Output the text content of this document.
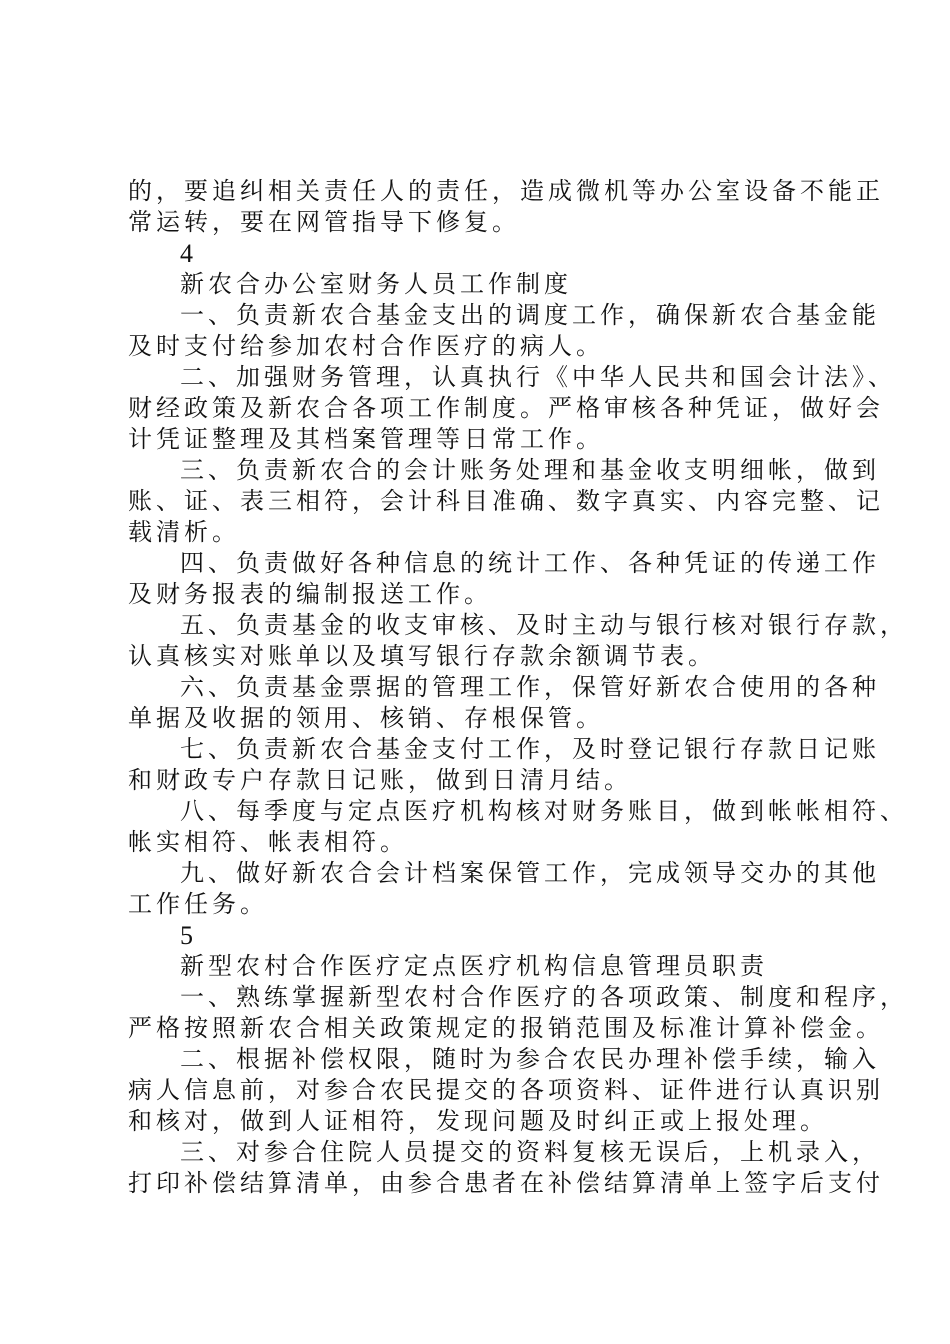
的，要追纠相关责任人的责任，造成微机等办公室设备不能正
常运转，要在网管指导下修复。
4
新农合办公室财务人员工作制度
一、负责新农合基金支出的调度工作，确保新农合基金能
及时支付给参加农村合作医疗的病人。
二、加强财务管理，认真执行《中华人民共和国会计法》、
财经政策及新农合各项工作制度。严格审核各种凭证，做好会
计凭证整理及其档案管理等日常工作。
三、负责新农合的会计账务处理和基金收支明细帐，做到
账、证、表三相符，会计科目准确、数字真实、内容完整、记
载清析。
四、负责做好各种信息的统计工作、各种凭证的传递工作
及财务报表的编制报送工作。
五、负责基金的收支审核、及时主动与银行核对银行存款，
认真核实对账单以及填写银行存款余额调节表。
六、负责基金票据的管理工作，保管好新农合使用的各种
单据及收据的领用、核销、存根保管。
七、负责新农合基金支付工作，及时登记银行存款日记账
和财政专户存款日记账，做到日清月结。
八、每季度与定点医疗机构核对财务账目，做到帐帐相符、
帐实相符、帐表相符。
九、做好新农合会计档案保管工作，完成领导交办的其他
工作任务。
5
新型农村合作医疗定点医疗机构信息管理员职责
一、熟练掌握新型农村合作医疗的各项政策、制度和程序，
严格按照新农合相关政策规定的报销范围及标准计算补偿金。
二、根据补偿权限，随时为参合农民办理补偿手续，输入
病人信息前，对参合农民提交的各项资料、证件进行认真识别
和核对，做到人证相符，发现问题及时纠正或上报处理。
三、对参合住院人员提交的资料复核无误后，上机录入，
打印补偿结算清单，由参合患者在补偿结算清单上签字后支付
